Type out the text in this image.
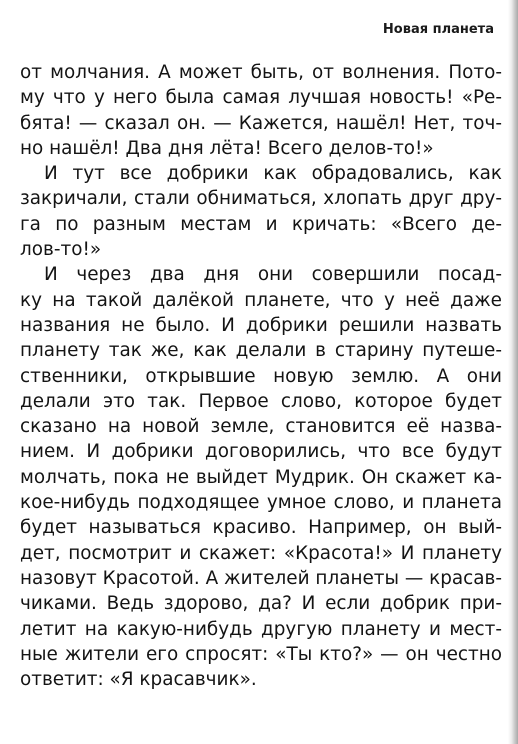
Новая планета
от молчания. А может быть, от волнения. Пото-
му что у него была самая лучшая новость! «Ре-
бята! — сказал он. — Кажется, нашёл! Нет, точ-
но нашёл! Два дня лёта! Всего делов-то!»
И тут все добрики как обрадовались, как
закричали, стали обниматься, хлопать друг дру-
га по разным местам и кричать: «Всего де-
лов-то!»
И через два дня они совершили посад-
ку на такой далёкой планете, что у неё даже
названия не было. И добрики решили назвать
планету так же, как делали в старину путеше-
ственники, открывшие новую землю. А они
делали это так. Первое слово, которое будет
сказано на новой земле, становится её назва-
нием. И добрики договорились, что все будут
молчать, пока не выйдет Мудрик. Он скажет ка-
кое-нибудь подходящее умное слово, и планета
будет называться красиво. Например, он вый-
дет, посмотрит и скажет: «Красота!» И планету
назовут Красотой. А жителей планеты — красав-
чиками. Ведь здорово, да? И если добрик при-
летит на какую-нибудь другую планету и мест-
ные жители его спросят: «Ты кто?» — он честно
ответит: «Я красавчик».
